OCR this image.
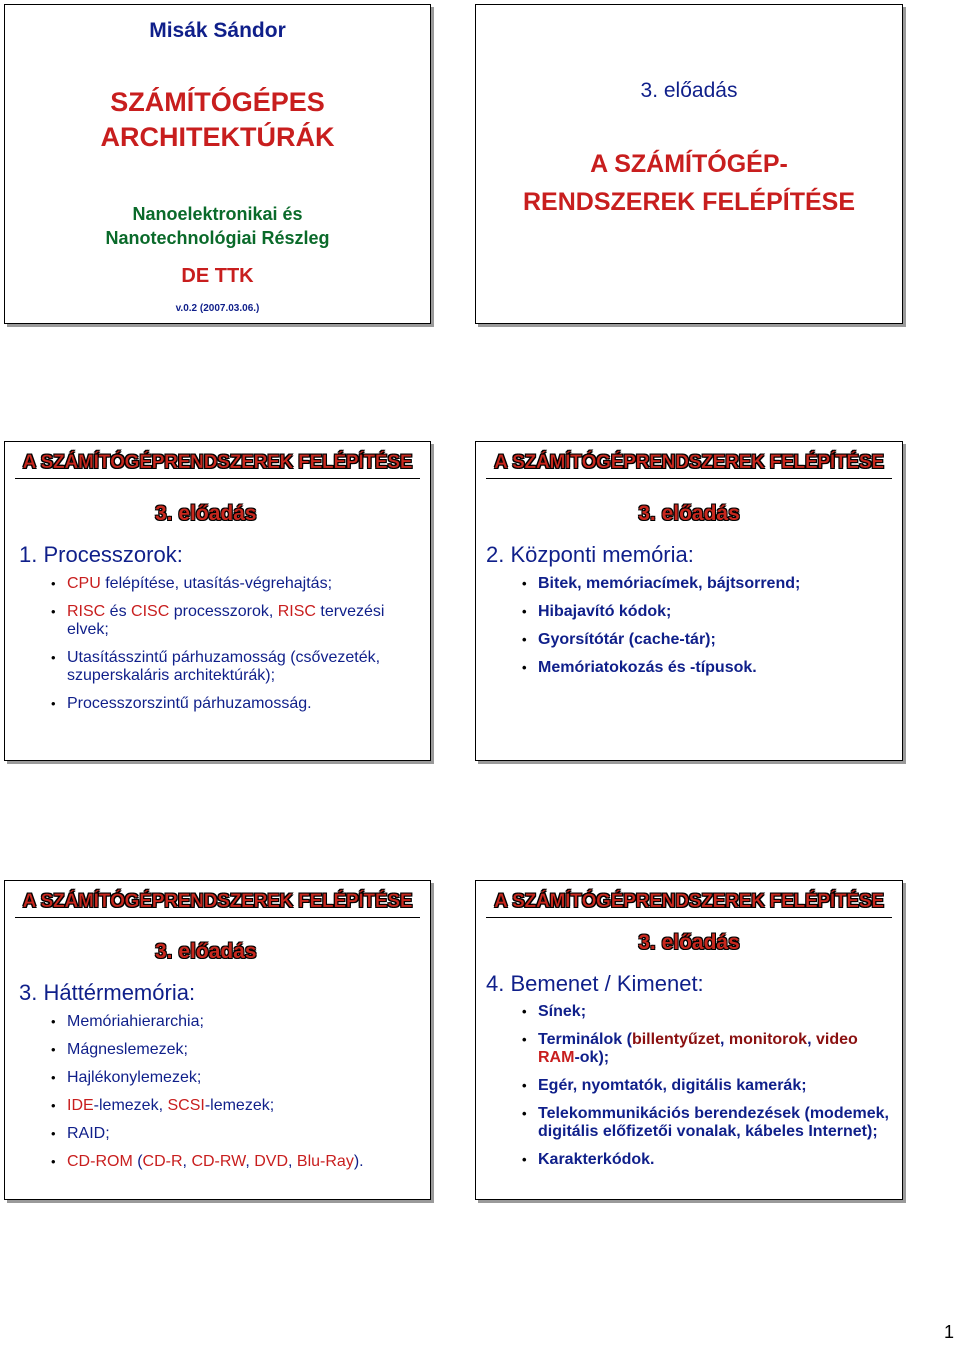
Misák Sándor
SZÁMÍTÓGÉPES
ARCHITEKTÚRÁK
Nanoelektronikai és
Nanotechnológiai Részleg
DE TTK
v.0.2 (2007.03.06.)
3. előadás
A SZÁMÍTÓGÉP-
RENDSZEREK FELÉPÍTÉSE
A SZÁMÍTÓGÉPRENDSZEREK FELÉPÍTÉSE
3. előadás
1. Processzorok:
• CPU felépítése, utasítás-végrehajtás;
• RISC és CISC processzorok, RISC tervezési elvek;
• Utasításszintű párhuzamosság (csővezeték, szuperskaláris architektúrák);
• Processzorszintű párhuzamosság.
A SZÁMÍTÓGÉPRENDSZEREK FELÉPÍTÉSE
3. előadás
2. Központi memória:
• Bitek, memóriacímek, bájtsorrend;
• Hibajavító kódok;
• Gyorsítótár (cache-tár);
• Memóriatokozás és -típusok.
A SZÁMÍTÓGÉPRENDSZEREK FELÉPÍTÉSE
3. előadás
3. Háttérmemória:
• Memóriahierarchia;
• Mágneslemezek;
• Hajlékonylemezek;
• IDE-lemezek, SCSI-lemezek;
• RAID;
• CD-ROM (CD-R, CD-RW, DVD, Blu-Ray).
A SZÁMÍTÓGÉPRENDSZEREK FELÉPÍTÉSE
3. előadás
4. Bemenet / Kimenet:
• Sínek;
• Terminálok (billentyűzet, monitorok, video RAM-ok);
• Egér, nyomtatók, digitális kamerák;
• Telekommunikációs berendezések (modemek, digitális előfizetői vonalak, kábeles Internet);
• Karakterkódok.
1
